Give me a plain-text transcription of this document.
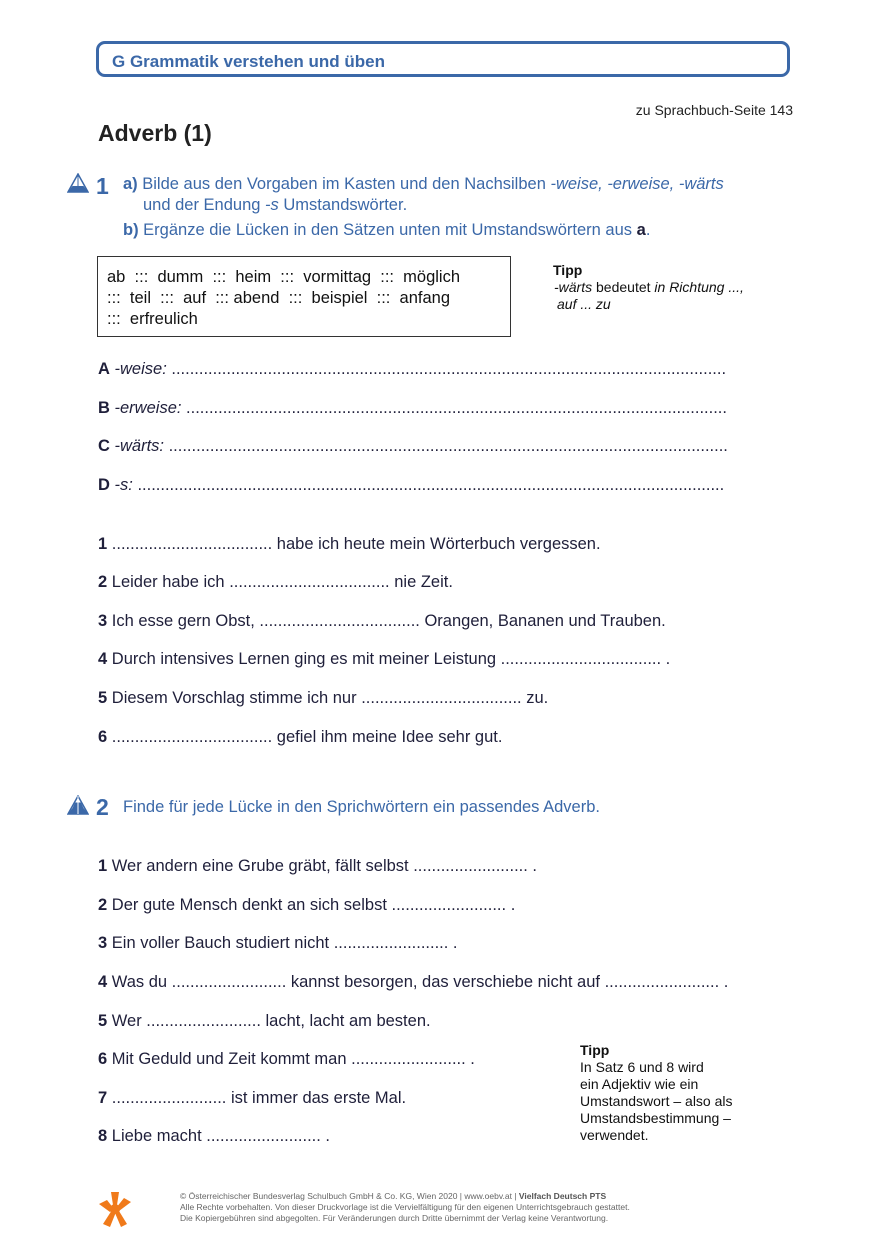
G Grammatik verstehen und üben
zu Sprachbuch-Seite 143
Adverb (1)
1 a) Bilde aus den Vorgaben im Kasten und den Nachsilben -weise, -erweise, -wärts
und der Endung -s Umstandswörter.
b) Ergänze die Lücken in den Sätzen unten mit Umstandswörtern aus a.
ab  :::  dumm  :::  heim  :::  vormittag  :::  möglich
:::  teil  :::  auf  ::: abend  :::  beispiel  :::  anfang
:::  erfreulich
Tipp
-wärts bedeutet in Richtung ...,
auf ... zu
A -weise: .........................................................................................................................
B -erweise: ......................................................................................................................
C -wärts: ..........................................................................................................................
D -s: ................................................................................................................................
1 ................................... habe ich heute mein Wörterbuch vergessen.
2 Leider habe ich ................................... nie Zeit.
3 Ich esse gern Obst, ................................... Orangen, Bananen und Trauben.
4 Durch intensives Lernen ging es mit meiner Leistung ................................... .
5 Diesem Vorschlag stimme ich nur ................................... zu.
6 ................................... gefiel ihm meine Idee sehr gut.
2 Finde für jede Lücke in den Sprichwörtern ein passendes Adverb.
1 Wer andern eine Grube gräbt, fällt selbst ......................... .
2 Der gute Mensch denkt an sich selbst ......................... .
3 Ein voller Bauch studiert nicht ......................... .
4 Was du ......................... kannst besorgen, das verschiebe nicht auf ......................... .
5 Wer ......................... lacht, lacht am besten.
6 Mit Geduld und Zeit kommt man ......................... .
7 ......................... ist immer das erste Mal.
8 Liebe macht ......................... .
Tipp
In Satz 6 und 8 wird
ein Adjektiv wie ein
Umstandswort – also als
Umstandsbestimmung –
verwendet.
© Österreichischer Bundesverlag Schulbuch GmbH & Co. KG, Wien 2020 | www.oebv.at | Vielfach Deutsch PTS
Alle Rechte vorbehalten. Von dieser Druckvorlage ist die Vervielfältigung für den eigenen Unterrichtsgebrauch gestattet.
Die Kopiergebühren sind abgegolten. Für Veränderungen durch Dritte übernimmt der Verlag keine Verantwortung.
